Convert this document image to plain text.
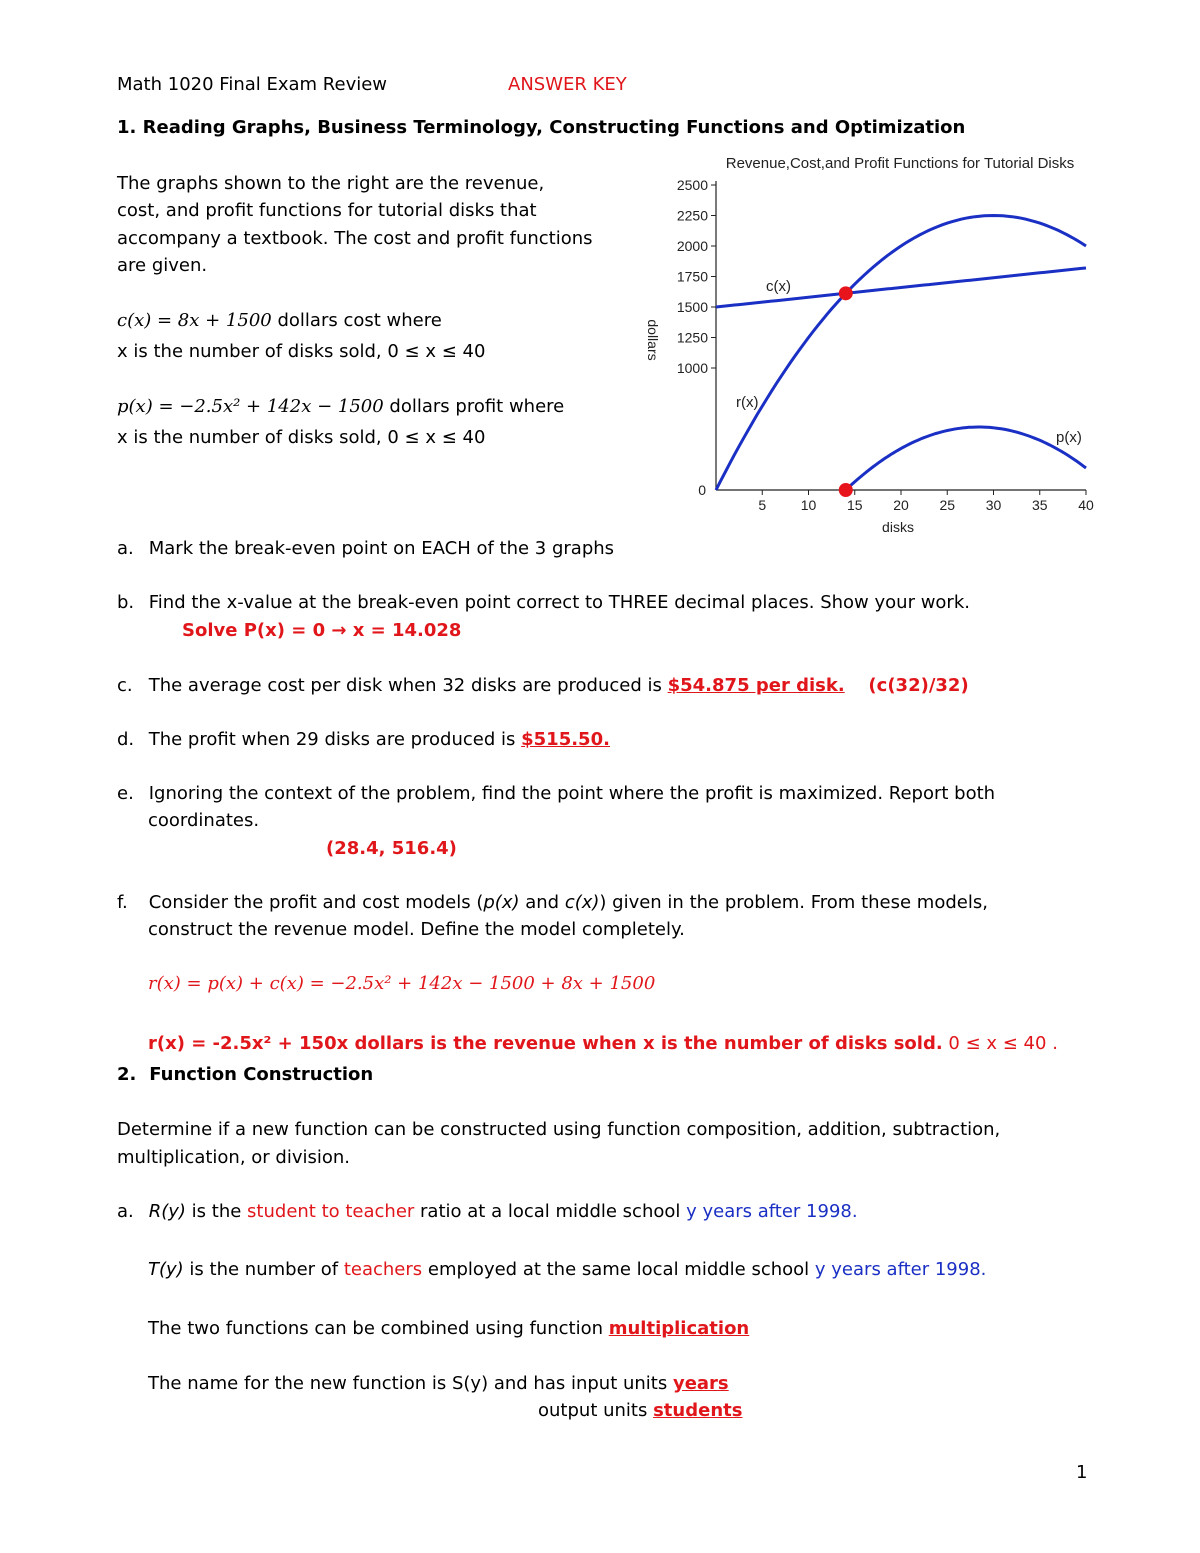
Math 1020 Final Exam Review	ANSWER KEY
1. Reading Graphs, Business Terminology, Constructing Functions and Optimization
The graphs shown to the right are the revenue,
cost, and profit functions for tutorial disks that
accompany a textbook. The cost and profit functions
are given.
c(x) = 8x + 1500 dollars cost where
x is the number of disks sold, 0 ≤ x ≤ 40
p(x) = −2.5x² + 142x − 1500 dollars profit where
x is the number of disks sold, 0 ≤ x ≤ 40
Revenue,Cost,and Profit Functions for Tutorial Disks
dollars
disks
1000
1250
1500
1750
2000
2250
2500
0
5 10 15 20 25 30 35 40
c(x)
r(x)
p(x)
a. Mark the break-even point on EACH of the 3 graphs
b. Find the x-value at the break-even point correct to THREE decimal places. Show your work.
Solve P(x) = 0 → x = 14.028
c. The average cost per disk when 32 disks are produced is $54.875 per disk. (c(32)/32)
d. The profit when 29 disks are produced is $515.50.
e. Ignoring the context of the problem, find the point where the profit is maximized. Report both
coordinates.
(28.4, 516.4)
f. Consider the profit and cost models (p(x) and c(x)) given in the problem. From these models,
construct the revenue model. Define the model completely.
r(x) = p(x) + c(x) = −2.5x² + 142x − 1500 + 8x + 1500
r(x) = -2.5x² + 150x dollars is the revenue when x is the number of disks sold. 0 ≤ x ≤ 40 .
2. Function Construction
Determine if a new function can be constructed using function composition, addition, subtraction,
multiplication, or division.
a. R(y) is the student to teacher ratio at a local middle school y years after 1998.
T(y) is the number of teachers employed at the same local middle school y years after 1998.
The two functions can be combined using function multiplication
The name for the new function is S(y) and has input units years
output units students
1
